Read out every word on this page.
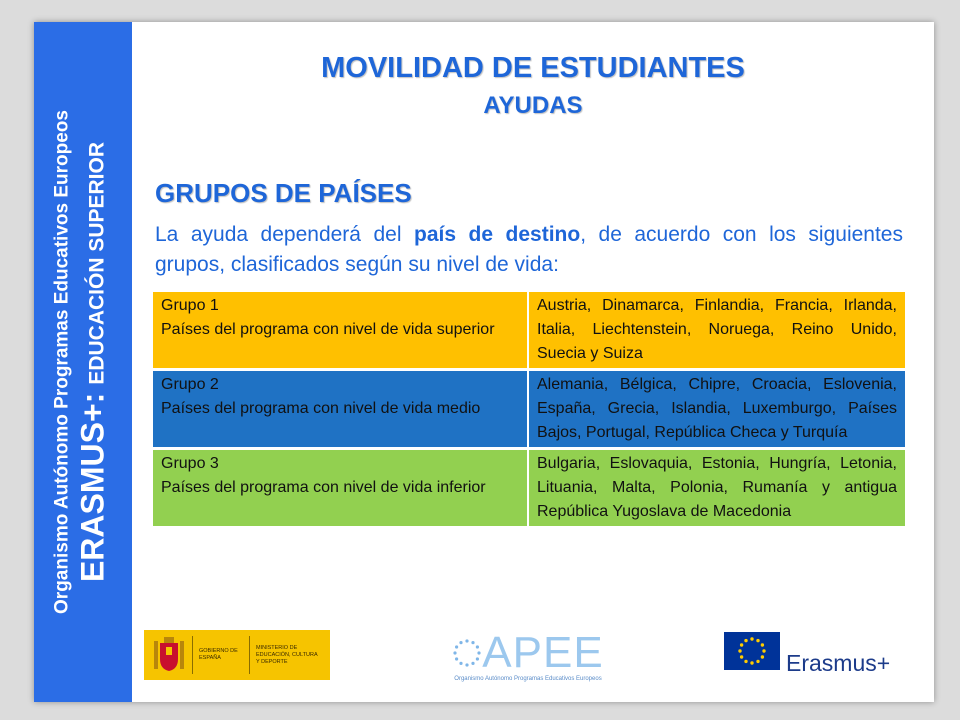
Organismo Autónomo Programas Educativos Europeos ERASMUS+:EDUCACIÓN SUPERIOR
MOVILIDAD DE ESTUDIANTES
AYUDAS
GRUPOS DE PAÍSES
La ayuda dependerá del país de destino, de acuerdo con los siguientes grupos, clasificados según su nivel de vida:
Grupo 1
Países del programa con nivel de vida superior	Austria, Dinamarca, Finlandia, Francia, Irlanda, Italia, Liechtenstein, Noruega, Reino Unido, Suecia y Suiza

Grupo 2
Países del programa con nivel de vida medio	Alemania, Bélgica, Chipre, Croacia, Eslovenia, España, Grecia, Islandia, Luxemburgo, Países Bajos, Portugal, República Checa y Turquía

Grupo 3
Países del programa con nivel de vida inferior	Bulgaria, Eslovaquia, Estonia, Hungría, Letonia, Lituania, Malta, Polonia, Rumanía y antigua República Yugoslava de Macedonia
GOBIERNO DE ESPAÑA
MINISTERIO DE EDUCACIÓN, CULTURA Y DEPORTE	APEE
Organismo Autónomo Programas Educativos Europeos
Erasmus+
